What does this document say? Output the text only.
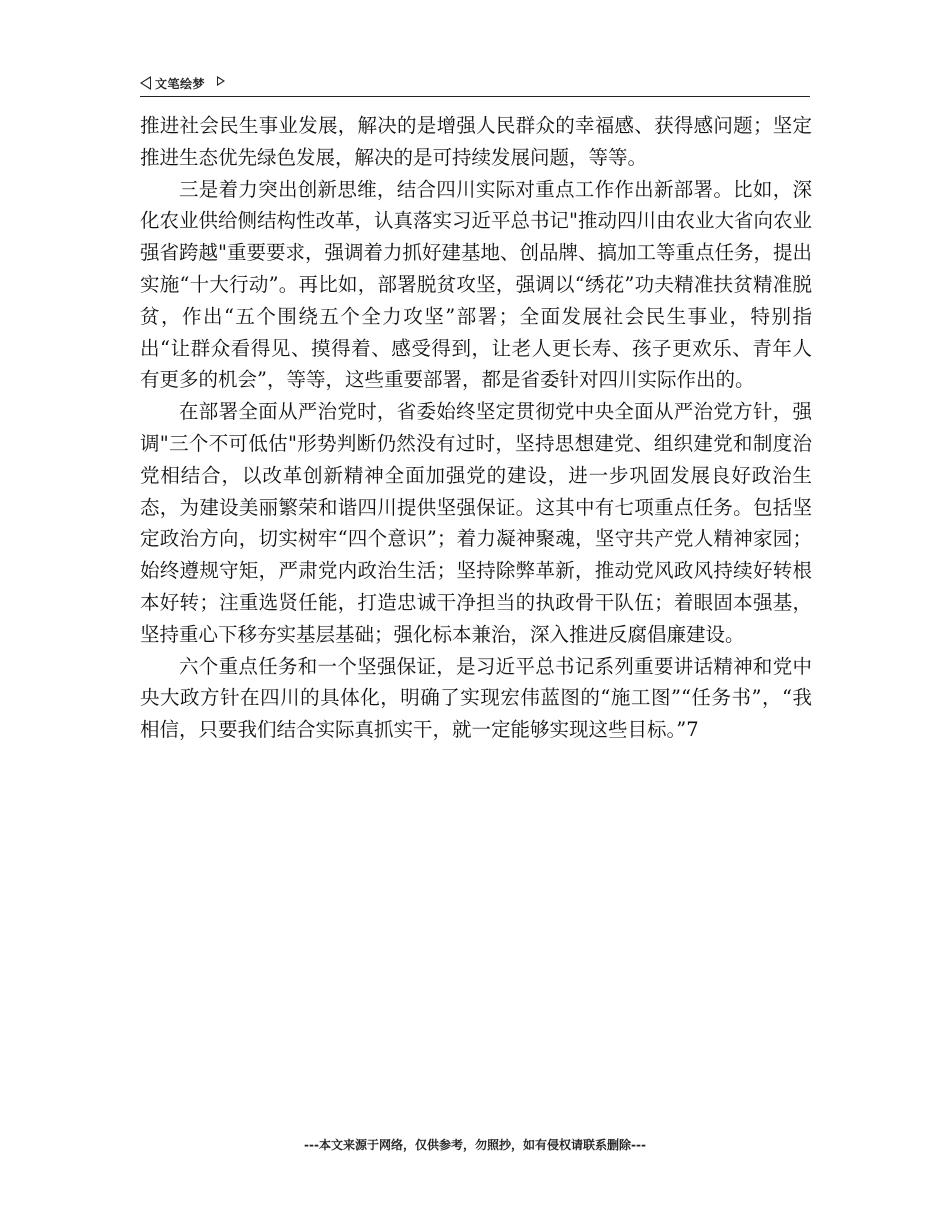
文笔绘梦

推进社会民生事业发展，解决的是增强人民群众的幸福感、获得感问题；坚定推进生态优先绿色发展，解决的是可持续发展问题，等等。

三是着力突出创新思维，结合四川实际对重点工作作出新部署。比如，深化农业供给侧结构性改革，认真落实习近平总书记"推动四川由农业大省向农业强省跨越"重要要求，强调着力抓好建基地、创品牌、搞加工等重点任务，提出实施“十大行动”。再比如，部署脱贫攻坚，强调以“绣花”功夫精准扶贫精准脱贫，作出“五个围绕五个全力攻坚”部署；全面发展社会民生事业，特别指出“让群众看得见、摸得着、感受得到，让老人更长寿、孩子更欢乐、青年人有更多的机会”，等等，这些重要部署，都是省委针对四川实际作出的。

在部署全面从严治党时，省委始终坚定贯彻党中央全面从严治党方针，强调"三个不可低估"形势判断仍然没有过时，坚持思想建党、组织建党和制度治党相结合，以改革创新精神全面加强党的建设，进一步巩固发展良好政治生态，为建设美丽繁荣和谐四川提供坚强保证。这其中有七项重点任务。包括坚定政治方向，切实树牢“四个意识”；着力凝神聚魂，坚守共产党人精神家园；始终遵规守矩，严肃党内政治生活；坚持除弊革新，推动党风政风持续好转根本好转；注重选贤任能，打造忠诚干净担当的执政骨干队伍；着眼固本强基，坚持重心下移夯实基层基础；强化标本兼治，深入推进反腐倡廉建设。

六个重点任务和一个坚强保证，是习近平总书记系列重要讲话精神和党中央大政方针在四川的具体化，明确了实现宏伟蓝图的“施工图”“任务书”，“我相信，只要我们结合实际真抓实干，就一定能够实现这些目标。”7

---本文来源于网络，仅供参考，勿照抄，如有侵权请联系删除---
